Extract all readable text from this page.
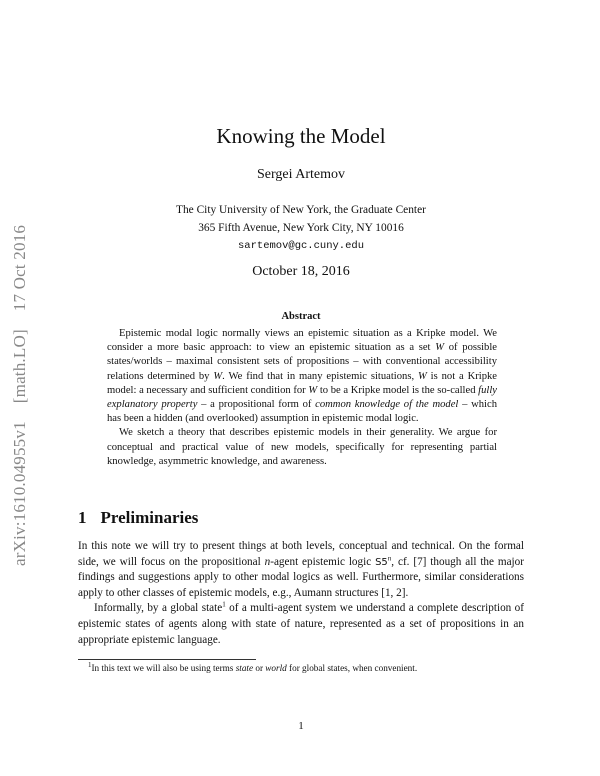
arXiv:1610.04955v1[math.LO]17 Oct 2016
Knowing the Model
Sergei Artemov
The City University of New York, the Graduate Center
365 Fifth Avenue, New York City, NY 10016
sartemov@gc.cuny.edu
October 18, 2016
Abstract

Epistemic modal logic normally views an epistemic situation as a Kripke model. We consider a more basic approach: to view an epistemic situation as a set W of possible states/worlds – maximal consistent sets of propositions – with conventional accessibility relations determined by W. We find that in many epistemic situations, W is not a Kripke model: a necessary and sufficient condition for W to be a Kripke model is the so-called fully explanatory property – a propositional form of common knowledge of the model – which has been a hidden (and overlooked) assumption in epistemic modal logic.

We sketch a theory that describes epistemic models in their generality. We argue for conceptual and practical value of new models, specifically for representing partial knowledge, asymmetric knowledge, and awareness.

1 Preliminaries

In this note we will try to present things at both levels, conceptual and technical. On the formal side, we will focus on the propositional n-agent epistemic logic S5$^n$, cf. [7] though all the major findings and suggestions apply to other modal logics as well. Furthermore, similar considerations apply to other classes of epistemic models, e.g., Aumann structures [1, 2].

Informally, by a global state$^1$ of a multi-agent system we understand a complete description of epistemic states of agents along with state of nature, represented as a set of propositions in an appropriate epistemic language.

$^1$In this text we will also be using terms state or world for global states, when convenient.
1
